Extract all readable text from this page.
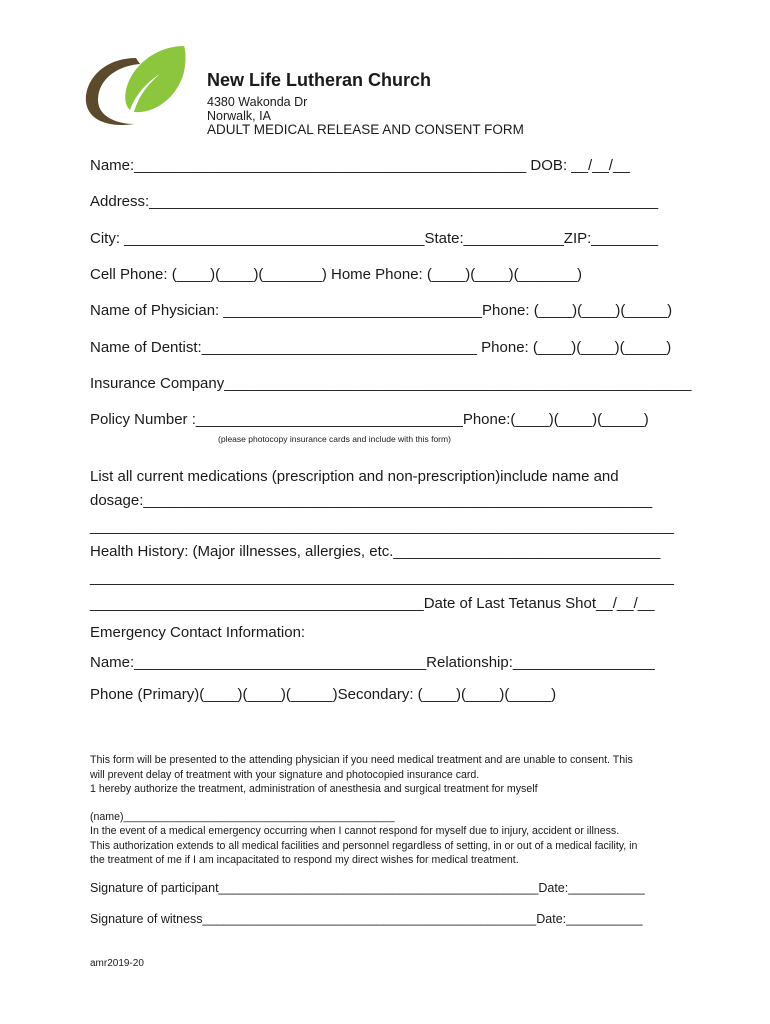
New Life Lutheran Church
4380 Wakonda Dr
Norwalk, IA
ADULT MEDICAL RELEASE AND CONSENT FORM
Name:_______________________________________________ DOB: __/__/__
Address:_____________________________________________________________
City: ____________________________________State:____________ZIP:________
Cell Phone: (____)(____)(_______) Home Phone: (____)(____)(_______)
Name of Physician: _______________________________Phone: (____)(____)(_____)
Name of Dentist:_________________________________ Phone: (____)(____)(_____)
Insurance Company________________________________________________________
Policy Number :________________________________Phone:(____)(____)(_____)
(please photocopy insurance cards and include with this form)
List all current medications (prescription and non-prescription)include name and
dosage:_____________________________________________________________
______________________________________________________________________
Health History: (Major illnesses, allergies, etc.________________________________
______________________________________________________________________
________________________________________Date of Last Tetanus Shot__/__/__
Emergency Contact Information:
Name:___________________________________Relationship:_________________
Phone (Primary)(____)(____)(_____)Secondary: (____)(____)(_____)
This form will be presented to the attending physician if you need medical treatment and are unable to consent. This
will prevent delay of treatment with your signature and photocopied insurance card.
1 hereby authorize the treatment, administration of anesthesia and surgical treatment for myself
(name)______________________________________________
In the event of a medical emergency occurring when I cannot respond for myself due to injury, accident or illness.
This authorization extends to all medical facilities and personnel regardless of setting, in or out of a medical facility, in
the treatment of me if I am incapacitated to respond my direct wishes for medical treatment.
Signature of participant______________________________________________Date:___________
Signature of witness________________________________________________Date:___________
amr2019-20
